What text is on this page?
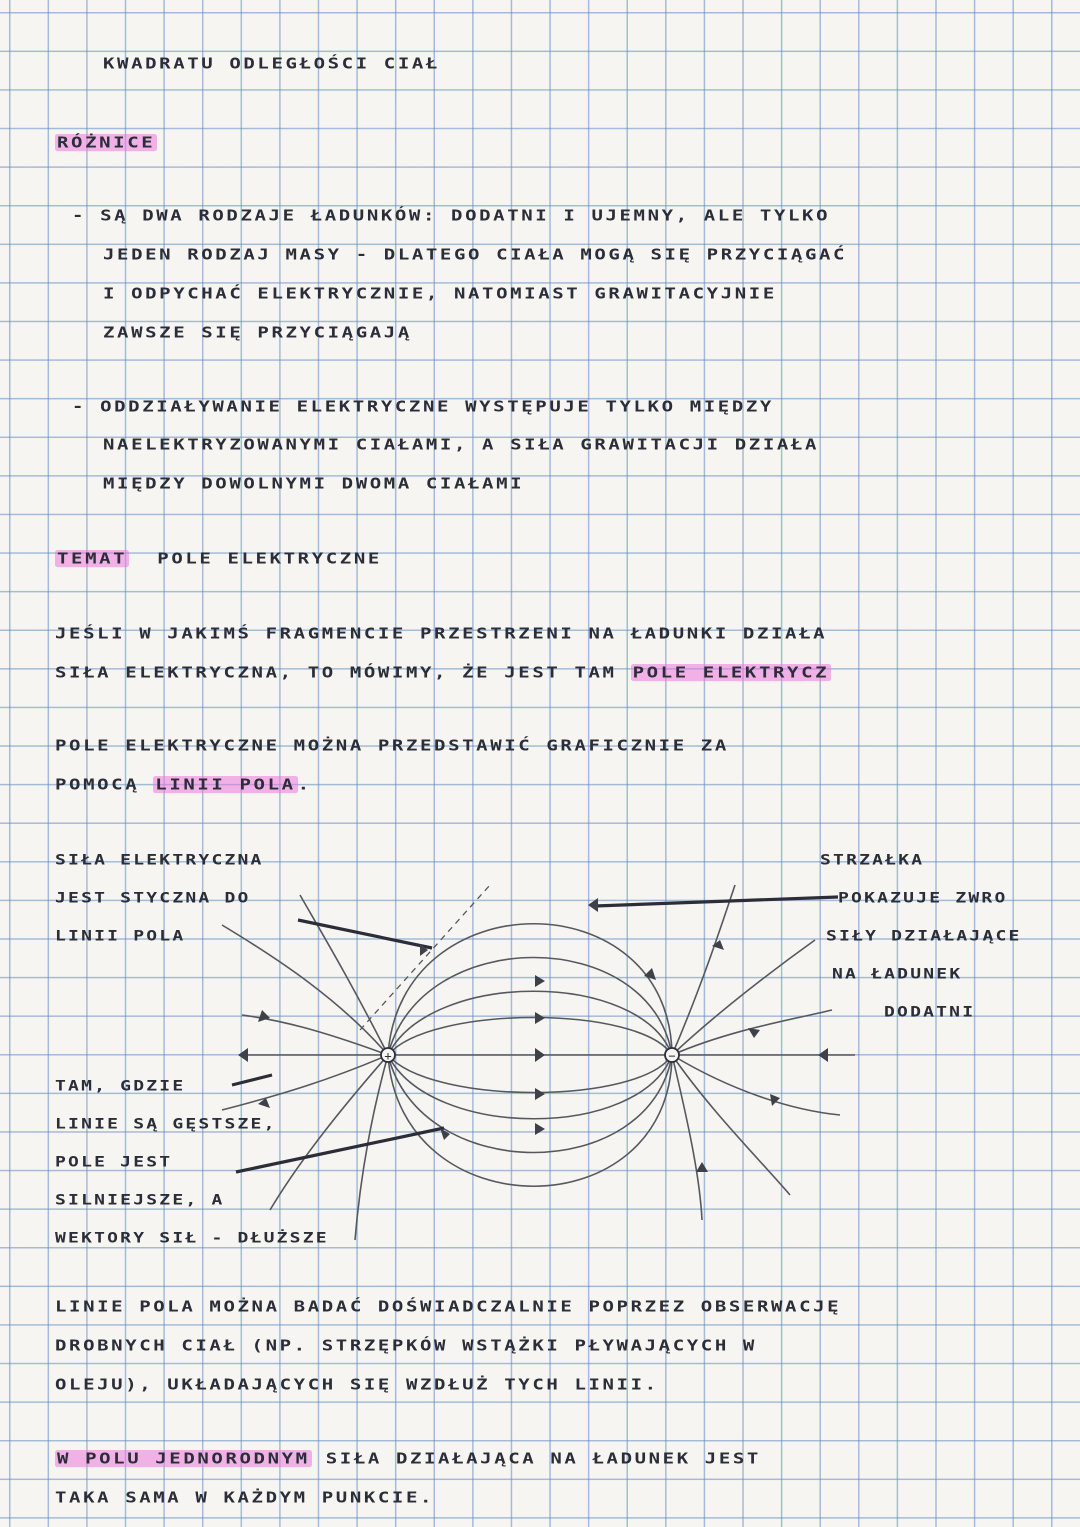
KWADRATU ODLEGŁOŚCI CIAŁ
RÓŻNICE
- SĄ DWA RODZAJE ŁADUNKÓW: DODATNI I UJEMNY, ALE TYLKO
JEDEN RODZAJ MASY - DLATEGO CIAŁA MOGĄ SIĘ PRZYCIĄGAĆ
I ODPYCHAĆ ELEKTRYCZNIE, NATOMIAST GRAWITACYJNIE
ZAWSZE SIĘ PRZYCIĄGAJĄ
- ODDZIAŁYWANIE ELEKTRYCZNE WYSTĘPUJE TYLKO MIĘDZY
NAELEKTRYZOWANYMI CIAŁAMI, A SIŁA GRAWITACJI DZIAŁA
MIĘDZY DOWOLNYMI DWOMA CIAŁAMI
TEMAT POLE ELEKTRYCZNE
JEŚLI W JAKIMŚ FRAGMENCIE PRZESTRZENI NA ŁADUNKI DZIAŁA
SIŁA ELEKTRYCZNA, TO MÓWIMY, ŻE JEST TAM POLE ELEKTRYCZ
POLE ELEKTRYCZNE MOŻNA PRZEDSTAWIĆ GRAFICZNIE ZA
POMOCĄ LINII POLA .
SIŁA ELEKTRYCZNA
JEST STYCZNA DO
LINII POLA
STRZAŁKA
POKAZUJE ZWRO
SIŁY DZIAŁAJĄCE
NA ŁADUNEK
DODATNI
TAM, GDZIE
LINIE SĄ GĘSTSZE,
POLE JEST
SILNIEJSZE, A
WEKTORY SIŁ - DŁUŻSZE
+	−
LINIE POLA MOŻNA BADAĆ DOŚWIADCZALNIE POPRZEZ OBSERWACJĘ
DROBNYCH CIAŁ (NP. STRZĘPKÓW WSTĄŻKI PŁYWAJĄCYCH W
OLEJU), UKŁADAJĄCYCH SIĘ WZDŁUŻ TYCH LINII.
W POLU JEDNORODNYM SIŁA DZIAŁAJĄCA NA ŁADUNEK JEST
TAKA SAMA W KAŻDYM PUNKCIE.
